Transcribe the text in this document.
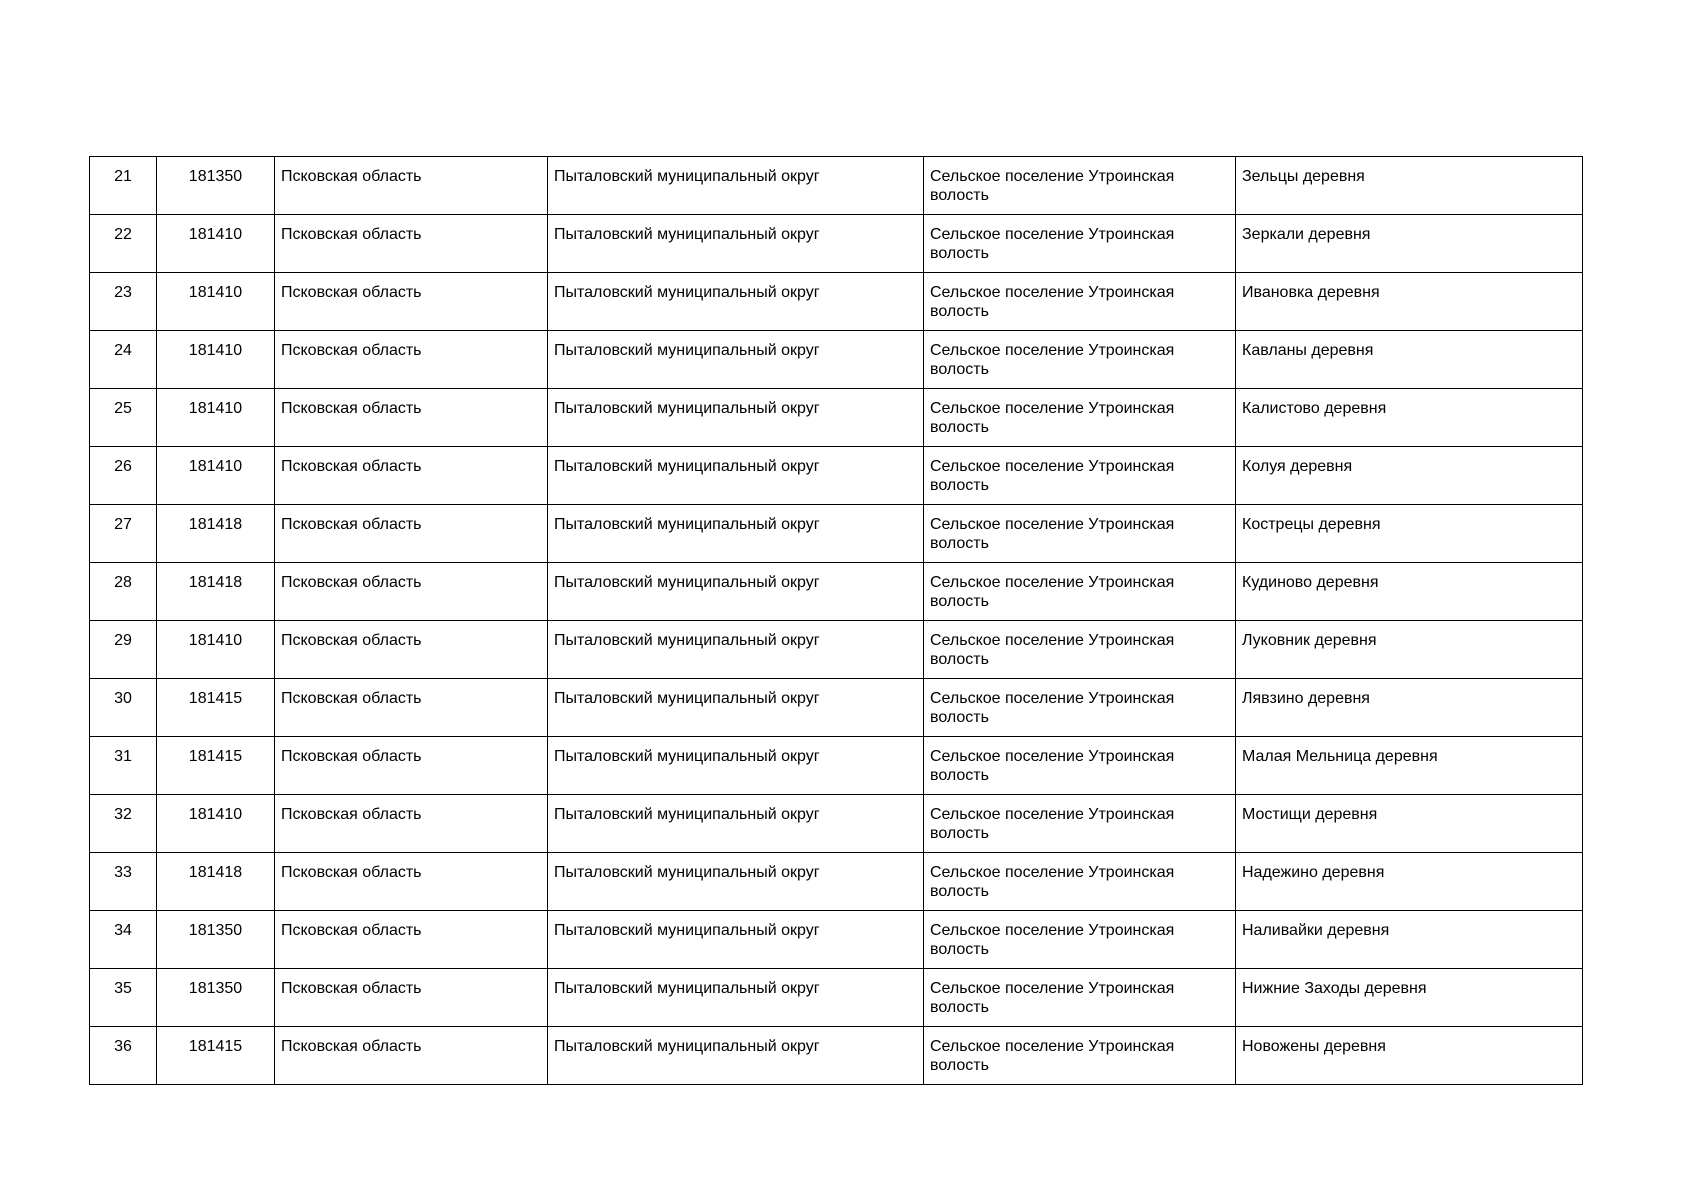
21	181350	Псковская область	Пыталовский муниципальный округ	Сельское поселение Утроинская волость	Зельцы деревня
22	181410	Псковская область	Пыталовский муниципальный округ	Сельское поселение Утроинская волость	Зеркали деревня
23	181410	Псковская область	Пыталовский муниципальный округ	Сельское поселение Утроинская волость	Ивановка деревня
24	181410	Псковская область	Пыталовский муниципальный округ	Сельское поселение Утроинская волость	Кавланы деревня
25	181410	Псковская область	Пыталовский муниципальный округ	Сельское поселение Утроинская волость	Калистово деревня
26	181410	Псковская область	Пыталовский муниципальный округ	Сельское поселение Утроинская волость	Колуя деревня
27	181418	Псковская область	Пыталовский муниципальный округ	Сельское поселение Утроинская волость	Кострецы деревня
28	181418	Псковская область	Пыталовский муниципальный округ	Сельское поселение Утроинская волость	Кудиново деревня
29	181410	Псковская область	Пыталовский муниципальный округ	Сельское поселение Утроинская волость	Луковник деревня
30	181415	Псковская область	Пыталовский муниципальный округ	Сельское поселение Утроинская волость	Лявзино деревня
31	181415	Псковская область	Пыталовский муниципальный округ	Сельское поселение Утроинская волость	Малая Мельница деревня
32	181410	Псковская область	Пыталовский муниципальный округ	Сельское поселение Утроинская волость	Мостищи деревня
33	181418	Псковская область	Пыталовский муниципальный округ	Сельское поселение Утроинская волость	Надежино деревня
34	181350	Псковская область	Пыталовский муниципальный округ	Сельское поселение Утроинская волость	Наливайки деревня
35	181350	Псковская область	Пыталовский муниципальный округ	Сельское поселение Утроинская волость	Нижние Заходы деревня
36	181415	Псковская область	Пыталовский муниципальный округ	Сельское поселение Утроинская волость	Новожены деревня
